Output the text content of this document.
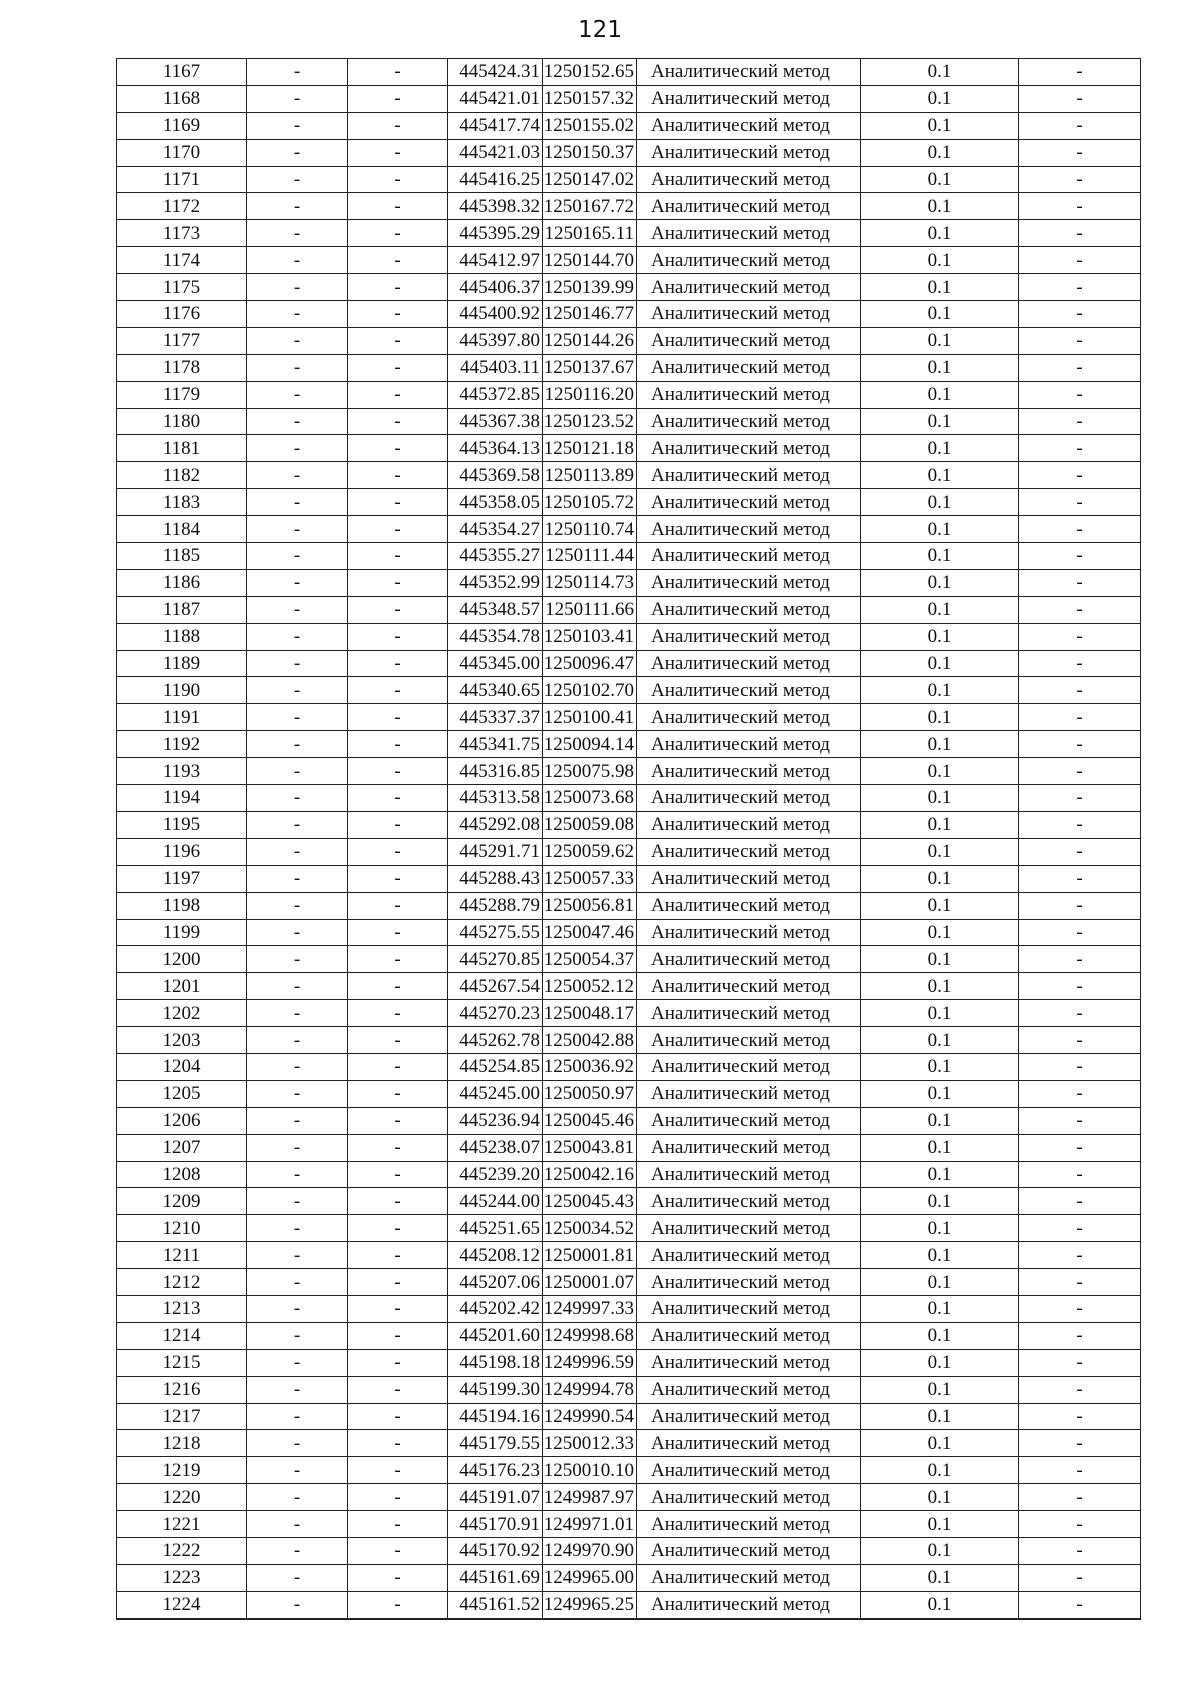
121
1167	-	-	445424.31	1250152.65	Аналитический метод	0.1	-
1168	-	-	445421.01	1250157.32	Аналитический метод	0.1	-
1169	-	-	445417.74	1250155.02	Аналитический метод	0.1	-
1170	-	-	445421.03	1250150.37	Аналитический метод	0.1	-
1171	-	-	445416.25	1250147.02	Аналитический метод	0.1	-
1172	-	-	445398.32	1250167.72	Аналитический метод	0.1	-
1173	-	-	445395.29	1250165.11	Аналитический метод	0.1	-
1174	-	-	445412.97	1250144.70	Аналитический метод	0.1	-
1175	-	-	445406.37	1250139.99	Аналитический метод	0.1	-
1176	-	-	445400.92	1250146.77	Аналитический метод	0.1	-
1177	-	-	445397.80	1250144.26	Аналитический метод	0.1	-
1178	-	-	445403.11	1250137.67	Аналитический метод	0.1	-
1179	-	-	445372.85	1250116.20	Аналитический метод	0.1	-
1180	-	-	445367.38	1250123.52	Аналитический метод	0.1	-
1181	-	-	445364.13	1250121.18	Аналитический метод	0.1	-
1182	-	-	445369.58	1250113.89	Аналитический метод	0.1	-
1183	-	-	445358.05	1250105.72	Аналитический метод	0.1	-
1184	-	-	445354.27	1250110.74	Аналитический метод	0.1	-
1185	-	-	445355.27	1250111.44	Аналитический метод	0.1	-
1186	-	-	445352.99	1250114.73	Аналитический метод	0.1	-
1187	-	-	445348.57	1250111.66	Аналитический метод	0.1	-
1188	-	-	445354.78	1250103.41	Аналитический метод	0.1	-
1189	-	-	445345.00	1250096.47	Аналитический метод	0.1	-
1190	-	-	445340.65	1250102.70	Аналитический метод	0.1	-
1191	-	-	445337.37	1250100.41	Аналитический метод	0.1	-
1192	-	-	445341.75	1250094.14	Аналитический метод	0.1	-
1193	-	-	445316.85	1250075.98	Аналитический метод	0.1	-
1194	-	-	445313.58	1250073.68	Аналитический метод	0.1	-
1195	-	-	445292.08	1250059.08	Аналитический метод	0.1	-
1196	-	-	445291.71	1250059.62	Аналитический метод	0.1	-
1197	-	-	445288.43	1250057.33	Аналитический метод	0.1	-
1198	-	-	445288.79	1250056.81	Аналитический метод	0.1	-
1199	-	-	445275.55	1250047.46	Аналитический метод	0.1	-
1200	-	-	445270.85	1250054.37	Аналитический метод	0.1	-
1201	-	-	445267.54	1250052.12	Аналитический метод	0.1	-
1202	-	-	445270.23	1250048.17	Аналитический метод	0.1	-
1203	-	-	445262.78	1250042.88	Аналитический метод	0.1	-
1204	-	-	445254.85	1250036.92	Аналитический метод	0.1	-
1205	-	-	445245.00	1250050.97	Аналитический метод	0.1	-
1206	-	-	445236.94	1250045.46	Аналитический метод	0.1	-
1207	-	-	445238.07	1250043.81	Аналитический метод	0.1	-
1208	-	-	445239.20	1250042.16	Аналитический метод	0.1	-
1209	-	-	445244.00	1250045.43	Аналитический метод	0.1	-
1210	-	-	445251.65	1250034.52	Аналитический метод	0.1	-
1211	-	-	445208.12	1250001.81	Аналитический метод	0.1	-
1212	-	-	445207.06	1250001.07	Аналитический метод	0.1	-
1213	-	-	445202.42	1249997.33	Аналитический метод	0.1	-
1214	-	-	445201.60	1249998.68	Аналитический метод	0.1	-
1215	-	-	445198.18	1249996.59	Аналитический метод	0.1	-
1216	-	-	445199.30	1249994.78	Аналитический метод	0.1	-
1217	-	-	445194.16	1249990.54	Аналитический метод	0.1	-
1218	-	-	445179.55	1250012.33	Аналитический метод	0.1	-
1219	-	-	445176.23	1250010.10	Аналитический метод	0.1	-
1220	-	-	445191.07	1249987.97	Аналитический метод	0.1	-
1221	-	-	445170.91	1249971.01	Аналитический метод	0.1	-
1222	-	-	445170.92	1249970.90	Аналитический метод	0.1	-
1223	-	-	445161.69	1249965.00	Аналитический метод	0.1	-
1224	-	-	445161.52	1249965.25	Аналитический метод	0.1	-
